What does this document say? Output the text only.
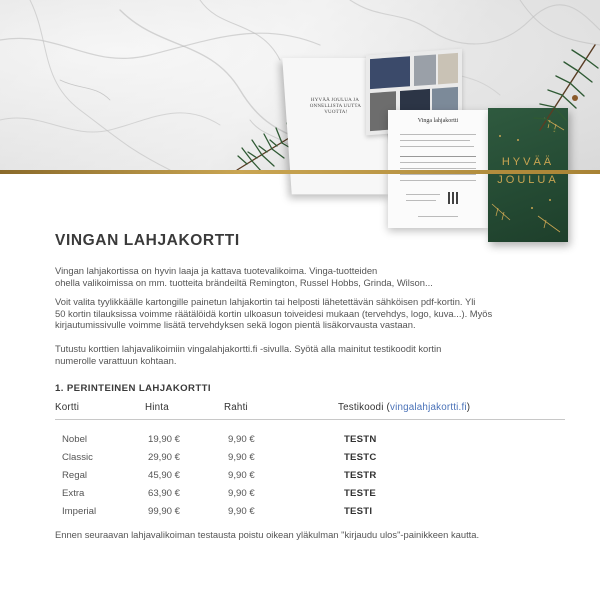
HYVÄÄ JOULUA JA
ONNELLISTA UUTTA
VUOTTA!
Vinga lahjakortti
HYVÄÄ
JOULUA
VINGAN LAHJAKORTTI
Vingan lahjakortissa on hyvin laaja ja kattava tuotevalikoima. Vinga-tuotteiden
ohella valikoimissa on mm. tuotteita brändeiltä Remington, Russel Hobbs, Grinda, Wilson...
Voit valita tyylikkäälle kartongille painetun lahjakortin tai helposti lähetettävän sähköisen pdf-kortin. Yli
50 kortin tilauksissa voimme räätälöidä kortin ulkoasun toiveidesi mukaan (tervehdys, logo, kuva...). Myös
kirjautumissivulle voimme lisätä tervehdyksen sekä logon pientä lisäkorvausta vastaan.
Tutustu korttien lahjavalikoimiin vingalahjakortti.fi -sivulla. Syötä alla mainitut testikoodit kortin
numerolle varattuun kohtaan.
1. PERINTEINEN LAHJAKORTTI
Kortti	Hinta	Rahti	Testikoodi (vingalahjakortti.fi)
Nobel	19,90 €	9,90 €	TESTN
Classic	29,90 €	9,90 €	TESTC
Regal	45,90 €	9,90 €	TESTR
Extra	63,90 €	9,90 €	TESTE
Imperial	99,90 €	9,90 €	TESTI
Ennen seuraavan lahjavalikoiman testausta poistu oikean yläkulman "kirjaudu ulos"-painikkeen kautta.
